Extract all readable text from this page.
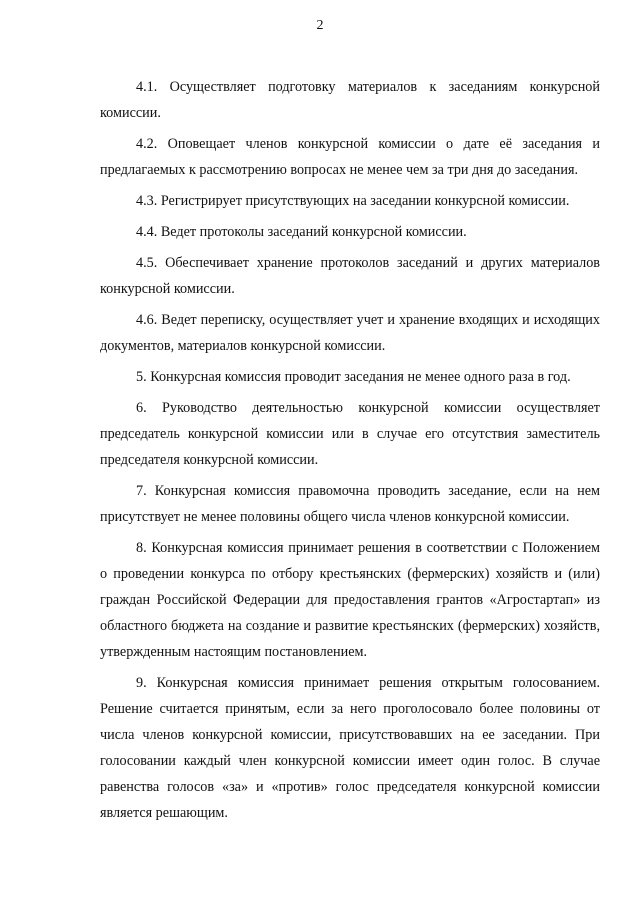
2

4.1. Осуществляет подготовку материалов к заседаниям конкурсной комиссии.

4.2. Оповещает членов конкурсной комиссии о дате её заседания и предлагаемых к рассмотрению вопросах не менее чем за три дня до заседания.

4.3. Регистрирует присутствующих на заседании конкурсной комиссии.

4.4. Ведет протоколы заседаний конкурсной комиссии.

4.5. Обеспечивает хранение протоколов заседаний и других материалов конкурсной комиссии.

4.6. Ведет переписку, осуществляет учет и хранение входящих и исходящих документов, материалов конкурсной комиссии.

5. Конкурсная комиссия проводит заседания не менее одного раза в год.

6. Руководство деятельностью конкурсной комиссии осуществляет председатель конкурсной комиссии или в случае его отсутствия заместитель председателя конкурсной комиссии.

7. Конкурсная комиссия правомочна проводить заседание, если на нем присутствует не менее половины общего числа членов конкурсной комиссии.

8. Конкурсная комиссия принимает решения в соответствии с Положением о проведении конкурса по отбору крестьянских (фермерских) хозяйств и (или) граждан Российской Федерации для предоставления грантов «Агростартап» из областного бюджета на создание и развитие крестьянских (фермерских) хозяйств, утвержденным настоящим постановлением.

9. Конкурсная комиссия принимает решения открытым голосованием. Решение считается принятым, если за него проголосовало более половины от числа членов конкурсной комиссии, присутствовавших на ее заседании. При голосовании каждый член конкурсной комиссии имеет один голос. В случае равенства голосов «за» и «против» голос председателя конкурсной комиссии является решающим.
